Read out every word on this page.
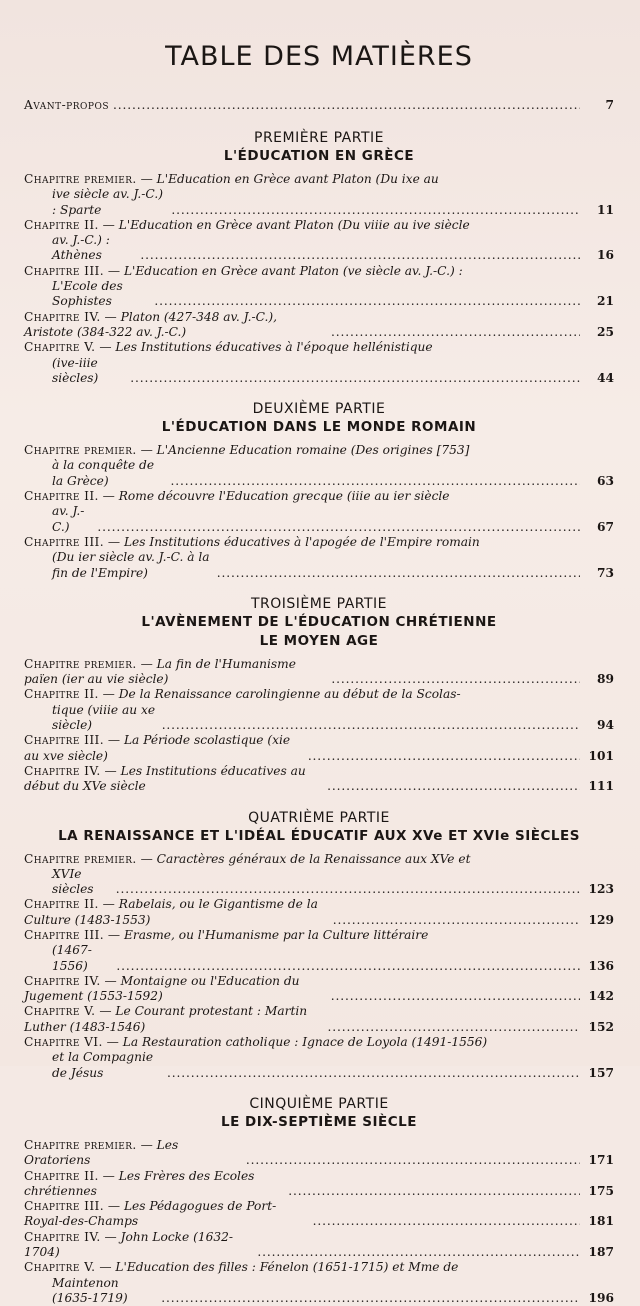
TABLE DES MATIÈRES
Avant-propos . . .	7
PREMIÈRE PARTIE
L'ÉDUCATION EN GRÈCE
Chapitre premier. — L'Education en Grèce avant Platon (Du ixe au
ive siècle av. J.-C.) : Sparte . . .	11
Chapitre II. — L'Education en Grèce avant Platon (Du viiie au ive siècle
av. J.-C.) : Athènes . . .	16
Chapitre III. — L'Education en Grèce avant Platon (ve siècle av. J.-C.) :
L'Ecole des Sophistes . . .	21
Chapitre IV. — Platon (427-348 av. J.-C.), Aristote (384-322 av. J.-C.) . . .	25
Chapitre V. — Les Institutions éducatives à l'époque hellénistique
(ive-iiie siècles) . . .	44
DEUXIÈME PARTIE
L'ÉDUCATION DANS LE MONDE ROMAIN
Chapitre premier. — L'Ancienne Education romaine (Des origines [753]
à la conquête de la Grèce) . . .	63
Chapitre II. — Rome découvre l'Education grecque (iiie au ier siècle
av. J.-C.) . . .	67
Chapitre III. — Les Institutions éducatives à l'apogée de l'Empire romain
(Du ier siècle av. J.-C. à la fin de l'Empire) . . .	73
TROISIÈME PARTIE
L'AVÈNEMENT DE L'ÉDUCATION CHRÉTIENNE
LE MOYEN AGE
Chapitre premier. — La fin de l'Humanisme païen (ier au vie siècle) . . .	89
Chapitre II. — De la Renaissance carolingienne au début de la Scolas-
tique (viiie au xe siècle) . . .	94
Chapitre III. — La Période scolastique (xie au xve siècle) . . .	101
Chapitre IV. — Les Institutions éducatives au début du XVe siècle . . .	111
QUATRIÈME PARTIE
LA RENAISSANCE ET L'IDÉAL ÉDUCATIF AUX XVe ET XVIe SIÈCLES
Chapitre premier. — Caractères généraux de la Renaissance aux XVe et
XVIe siècles . . .	123
Chapitre II. — Rabelais, ou le Gigantisme de la Culture (1483-1553) . . .	129
Chapitre III. — Erasme, ou l'Humanisme par la Culture littéraire
(1467-1556) . . .	136
Chapitre IV. — Montaigne ou l'Education du Jugement (1553-1592) . . .	142
Chapitre V. — Le Courant protestant : Martin Luther (1483-1546) . . .	152
Chapitre VI. — La Restauration catholique : Ignace de Loyola (1491-1556)
et la Compagnie de Jésus . . .	157
CINQUIÈME PARTIE
LE DIX-SEPTIÈME SIÈCLE
Chapitre premier. — Les Oratoriens . . .	171
Chapitre II. — Les Frères des Ecoles chrétiennes . . .	175
Chapitre III. — Les Pédagogues de Port-Royal-des-Champs . . .	181
Chapitre IV. — John Locke (1632-1704) . . .	187
Chapitre V. — L'Education des filles : Fénelon (1651-1715) et Mme de
Maintenon (1635-1719) . . .	196
